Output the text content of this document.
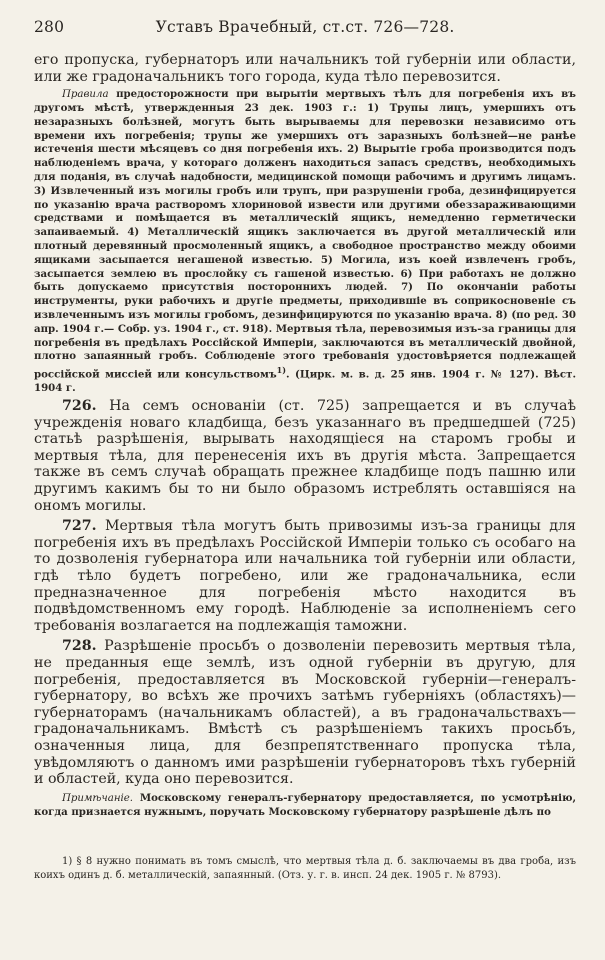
280	Уставъ Врачебный, ст.ст. 726—728.

его пропуска, губернаторъ или начальникъ той губерніи или области, или же градоначальникъ того города, куда тѣло перевозится.

Правила предосторожности при вырытіи мертвыхъ тѣлъ для погребенія ихъ въ другомъ мѣстѣ, утвержденныя 23 дек. 1903 г.: 1) Трупы лицъ, умершихъ отъ незаразныхъ болѣзней, могутъ быть вырываемы для перевозки независимо отъ времени ихъ погребенія; трупы же умершихъ отъ заразныхъ болѣзней—не ранѣе истеченія шести мѣсяцевъ со дня погребенія ихъ. 2) Вырытіе гроба производится подъ наблюденіемъ врача, у котораго долженъ находиться запасъ средствъ, необходимыхъ для поданія, въ случаѣ надобности, медицинской помощи рабочимъ и другимъ лицамъ. 3) Извлеченный изъ могилы гробъ или трупъ, при разрушеніи гроба, дезинфицируется по указанію врача растворомъ хлориновой извести или другими обеззараживающими средствами и помѣщается въ металлическій ящикъ, немедленно герметически запаиваемый. 4) Металлическій ящикъ заключается въ другой металлическій или плотный деревянный просмоленный ящикъ, а свободное пространство между обоими ящиками засыпается негашеной известью. 5) Могила, изъ коей извлеченъ гробъ, засыпается землею въ прослойку съ гашеной известью. 6) При работахъ не должно быть допускаемо присутствія постороннихъ людей. 7) По окончаніи работы инструменты, руки рабочихъ и другіе предметы, приходившіе въ соприкосновеніе съ извлеченнымъ изъ могилы гробомъ, дезинфицируются по указанію врача. 8) (по ред. 30 апр. 1904 г.— Собр. уз. 1904 г., ст. 918). Мертвыя тѣла, перевозимыя изъ-за границы для погребенія въ предѣлахъ Россійской Имперіи, заключаются въ металлическій двойной, плотно запаянный гробъ. Соблюденіе этого требованія удостовѣряется подлежащей россійской миссіей или консульствомъ$^{1)}$. (Цирк. м. в. д. 25 янв. 1904 г. № 127). Вѣст. 1904 г.

726. На семъ основаніи (ст. 725) запрещается и въ случаѣ учрежденія новаго кладбища, безъ указаннаго въ предшедшей (725) статьѣ разрѣшенія, вырывать находящіеся на старомъ гробы и мертвыя тѣла, для перенесенія ихъ въ другія мѣста. Запрещается также въ семъ случаѣ обращать прежнее кладбище подъ пашню или другимъ какимъ бы то ни было образомъ истреблять оставшіяся на ономъ могилы.

727. Мертвыя тѣла могутъ быть привозимы изъ-за границы для погребенія ихъ въ предѣлахъ Россійской Имперіи только съ особаго на то дозволенія губернатора или начальника той губерніи или области, гдѣ тѣло будетъ погребено, или же градоначальника, если предназначенное для погребенія мѣсто находится въ подвѣдомственномъ ему городѣ. Наблюденіе за исполненіемъ сего требованія возлагается на подлежащія таможни.

728. Разрѣшеніе просьбъ о дозволеніи перевозить мертвыя тѣла, не преданныя еще землѣ, изъ одной губерніи въ другую, для погребенія, предоставляется въ Московской губерніи—генералъ-губернатору, во всѣхъ же прочихъ затѣмъ губерніяхъ (областяхъ)—губернаторамъ (начальникамъ областей), а въ градоначальствахъ—градоначальникамъ. Вмѣстѣ съ разрѣшеніемъ такихъ просьбъ, означенныя лица, для безпрепятственнаго пропуска тѣла, увѣдомляютъ о данномъ ими разрѣшеніи губернаторовъ тѣхъ губерній и областей, куда оно перевозится.

Примѣчаніе. Московскому генералъ-губернатору предоставляется, по усмотрѣнію, когда признается нужнымъ, поручать Московскому губернатору разрѣшеніе дѣлъ по

1) § 8 нужно понимать въ томъ смыслѣ, что мертвыя тѣла д. б. заключаемы въ два гроба, изъ коихъ одинъ д. б. металлическій, запаянный. (Отз. у. г. в. инсп. 24 дек. 1905 г. № 8793).
